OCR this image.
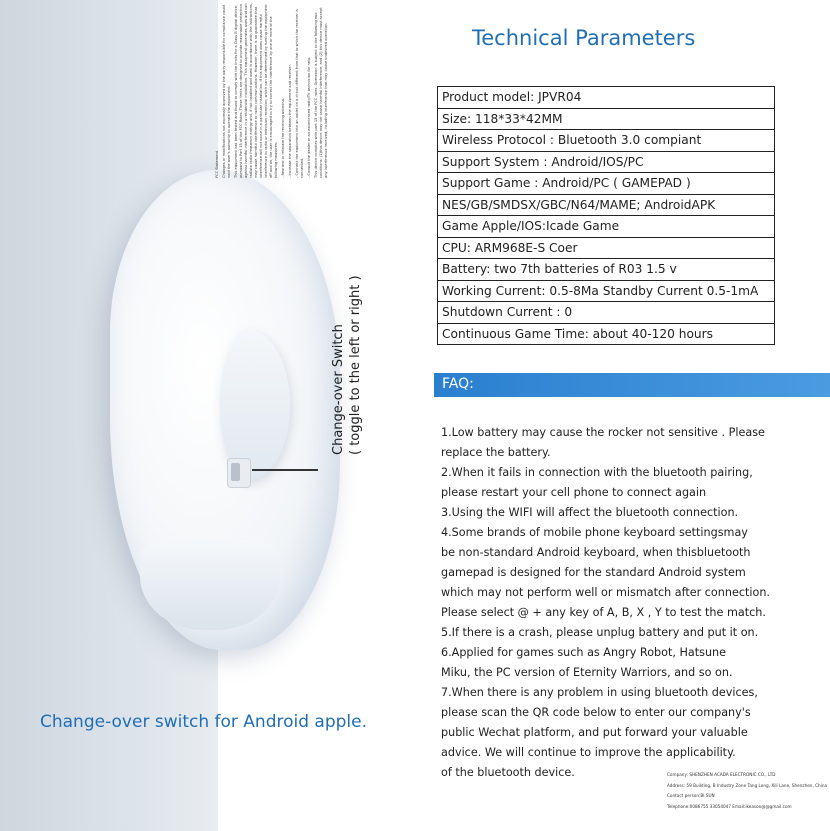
Change-over Switch ( toggle to the left or right )

FCC Statement Changes or modifications not expressly approved by the party responsible for compliance could void the user's authority to operate the equipment. This equipment has been tested and found to comply with the limits for a Class B digital device, pursuant to Part 15 of the FCC Rules. These limits are designed to provide reasonable protection against harmful interference in a residential installation. This equipment generates uses and can radiate radio frequency energy and, if not installed and used in accordance with the instructions, may cause harmful interference to radio communications. However, there is no guarantee that interference will not occur in a particular installation. If this equipment does cause harmful interference to radio or television reception, which can be determined by turning the equipment off and on, the user is encouraged to try to correct the interference by one or more of the following measures: - Reorient or relocate the receiving antenna. - Increase the separation between the equipment and receiver. - Connect the equipment into an outlet on a circuit different from that to which the receiver is connected. - Consult the dealer or an experienced radio/TV technician for help. This device complies with part 15 of the FCC rules. Operation is subject to the following two conditions: (1)this device may not cause harmful interference, and (2) this device must accept any interference received, including interference that may cause undesired operation.

Change-over switch for Android apple.
Technical Parameters
Product model: JPVR04
Size: 118*33*42MM
Wireless Protocol : Bluetooth 3.0 compiant
Support System : Android/IOS/PC
Support Game : Android/PC ( GAMEPAD )
NES/GB/SMDSX/GBC/N64/MAME; AndroidAPK
Game Apple/IOS:Icade Game
CPU: ARM968E-S Coer
Battery: two 7th batteries of R03 1.5 v
Working Current: 0.5-8Ma Standby Current 0.5-1mA
Shutdown Current : 0
Continuous Game Time: about 40-120 hours
FAQ:
1.Low battery may cause the rocker not sensitive . Please
replace the battery.
2.When it fails in connection with the bluetooth pairing,
please restart your cell phone to connect again
3.Using the WIFI will affect the bluetooth connection.
4.Some brands of mobile phone keyboard settingsmay
be non-standard Android keyboard, when thisbluetooth
gamepad is designed for the standard Android system
which may not perform well or mismatch after connection.
Please select @ + any key of A, B, X , Y to test the match.
5.If there is a crash, please unplug battery and put it on.
6.Applied for games such as Angry Robot, Hatsune
Miku, the PC version of Eternity Warriors, and so on.
7.When there is any problem in using bluetooth devices,
please scan the QR code below to enter our company's
public Wechat platform, and put forward your valuable
advice. We will continue to improve the applicability.
of the bluetooth device.	Company: SHENZHEN ACADA ELECTRONIC CO., LTD
Address: 59 Building, B Industry Zone Tang Long, Xili Lane, Shenzhen, China
Contact person:BI SUN
Telephone:0086755 33054047 Email:ikeason@@gmail.com
